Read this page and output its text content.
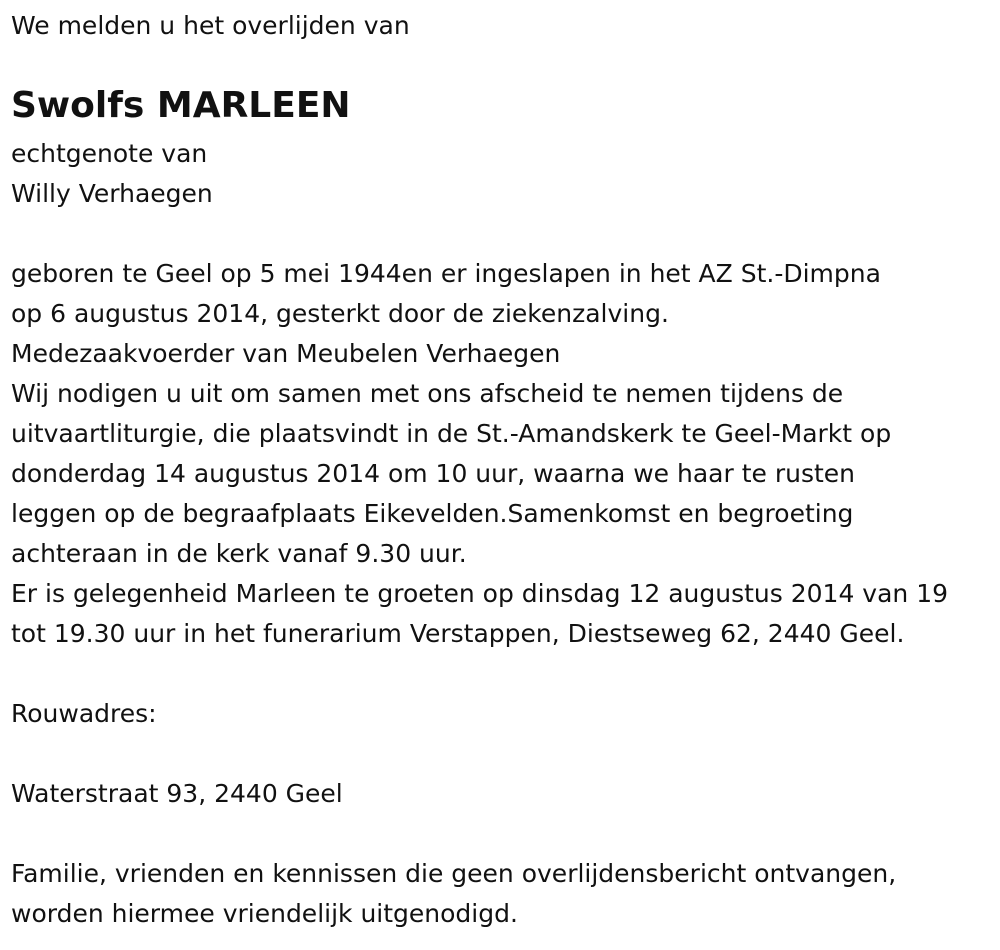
We melden u het overlijden van
Swolfs MARLEEN
echtgenote van
Willy Verhaegen
geboren te Geel op 5 mei 1944en er ingeslapen in het AZ St.-Dimpna
op 6 augustus 2014, gesterkt door de ziekenzalving.
Medezaakvoerder van Meubelen Verhaegen
Wij nodigen u uit om samen met ons afscheid te nemen tijdens de
uitvaartliturgie, die plaatsvindt in de St.-Amandskerk te Geel-Markt op
donderdag 14 augustus 2014 om 10 uur, waarna we haar te rusten
leggen op de begraafplaats Eikevelden.Samenkomst en begroeting
achteraan in de kerk vanaf 9.30 uur.
Er is gelegenheid Marleen te groeten op dinsdag 12 augustus 2014 van 19
tot 19.30 uur in het funerarium Verstappen, Diestseweg 62, 2440 Geel.
Rouwadres:
Waterstraat 93, 2440 Geel
Familie, vrienden en kennissen die geen overlijdensbericht ontvangen,
worden hiermee vriendelijk uitgenodigd.
